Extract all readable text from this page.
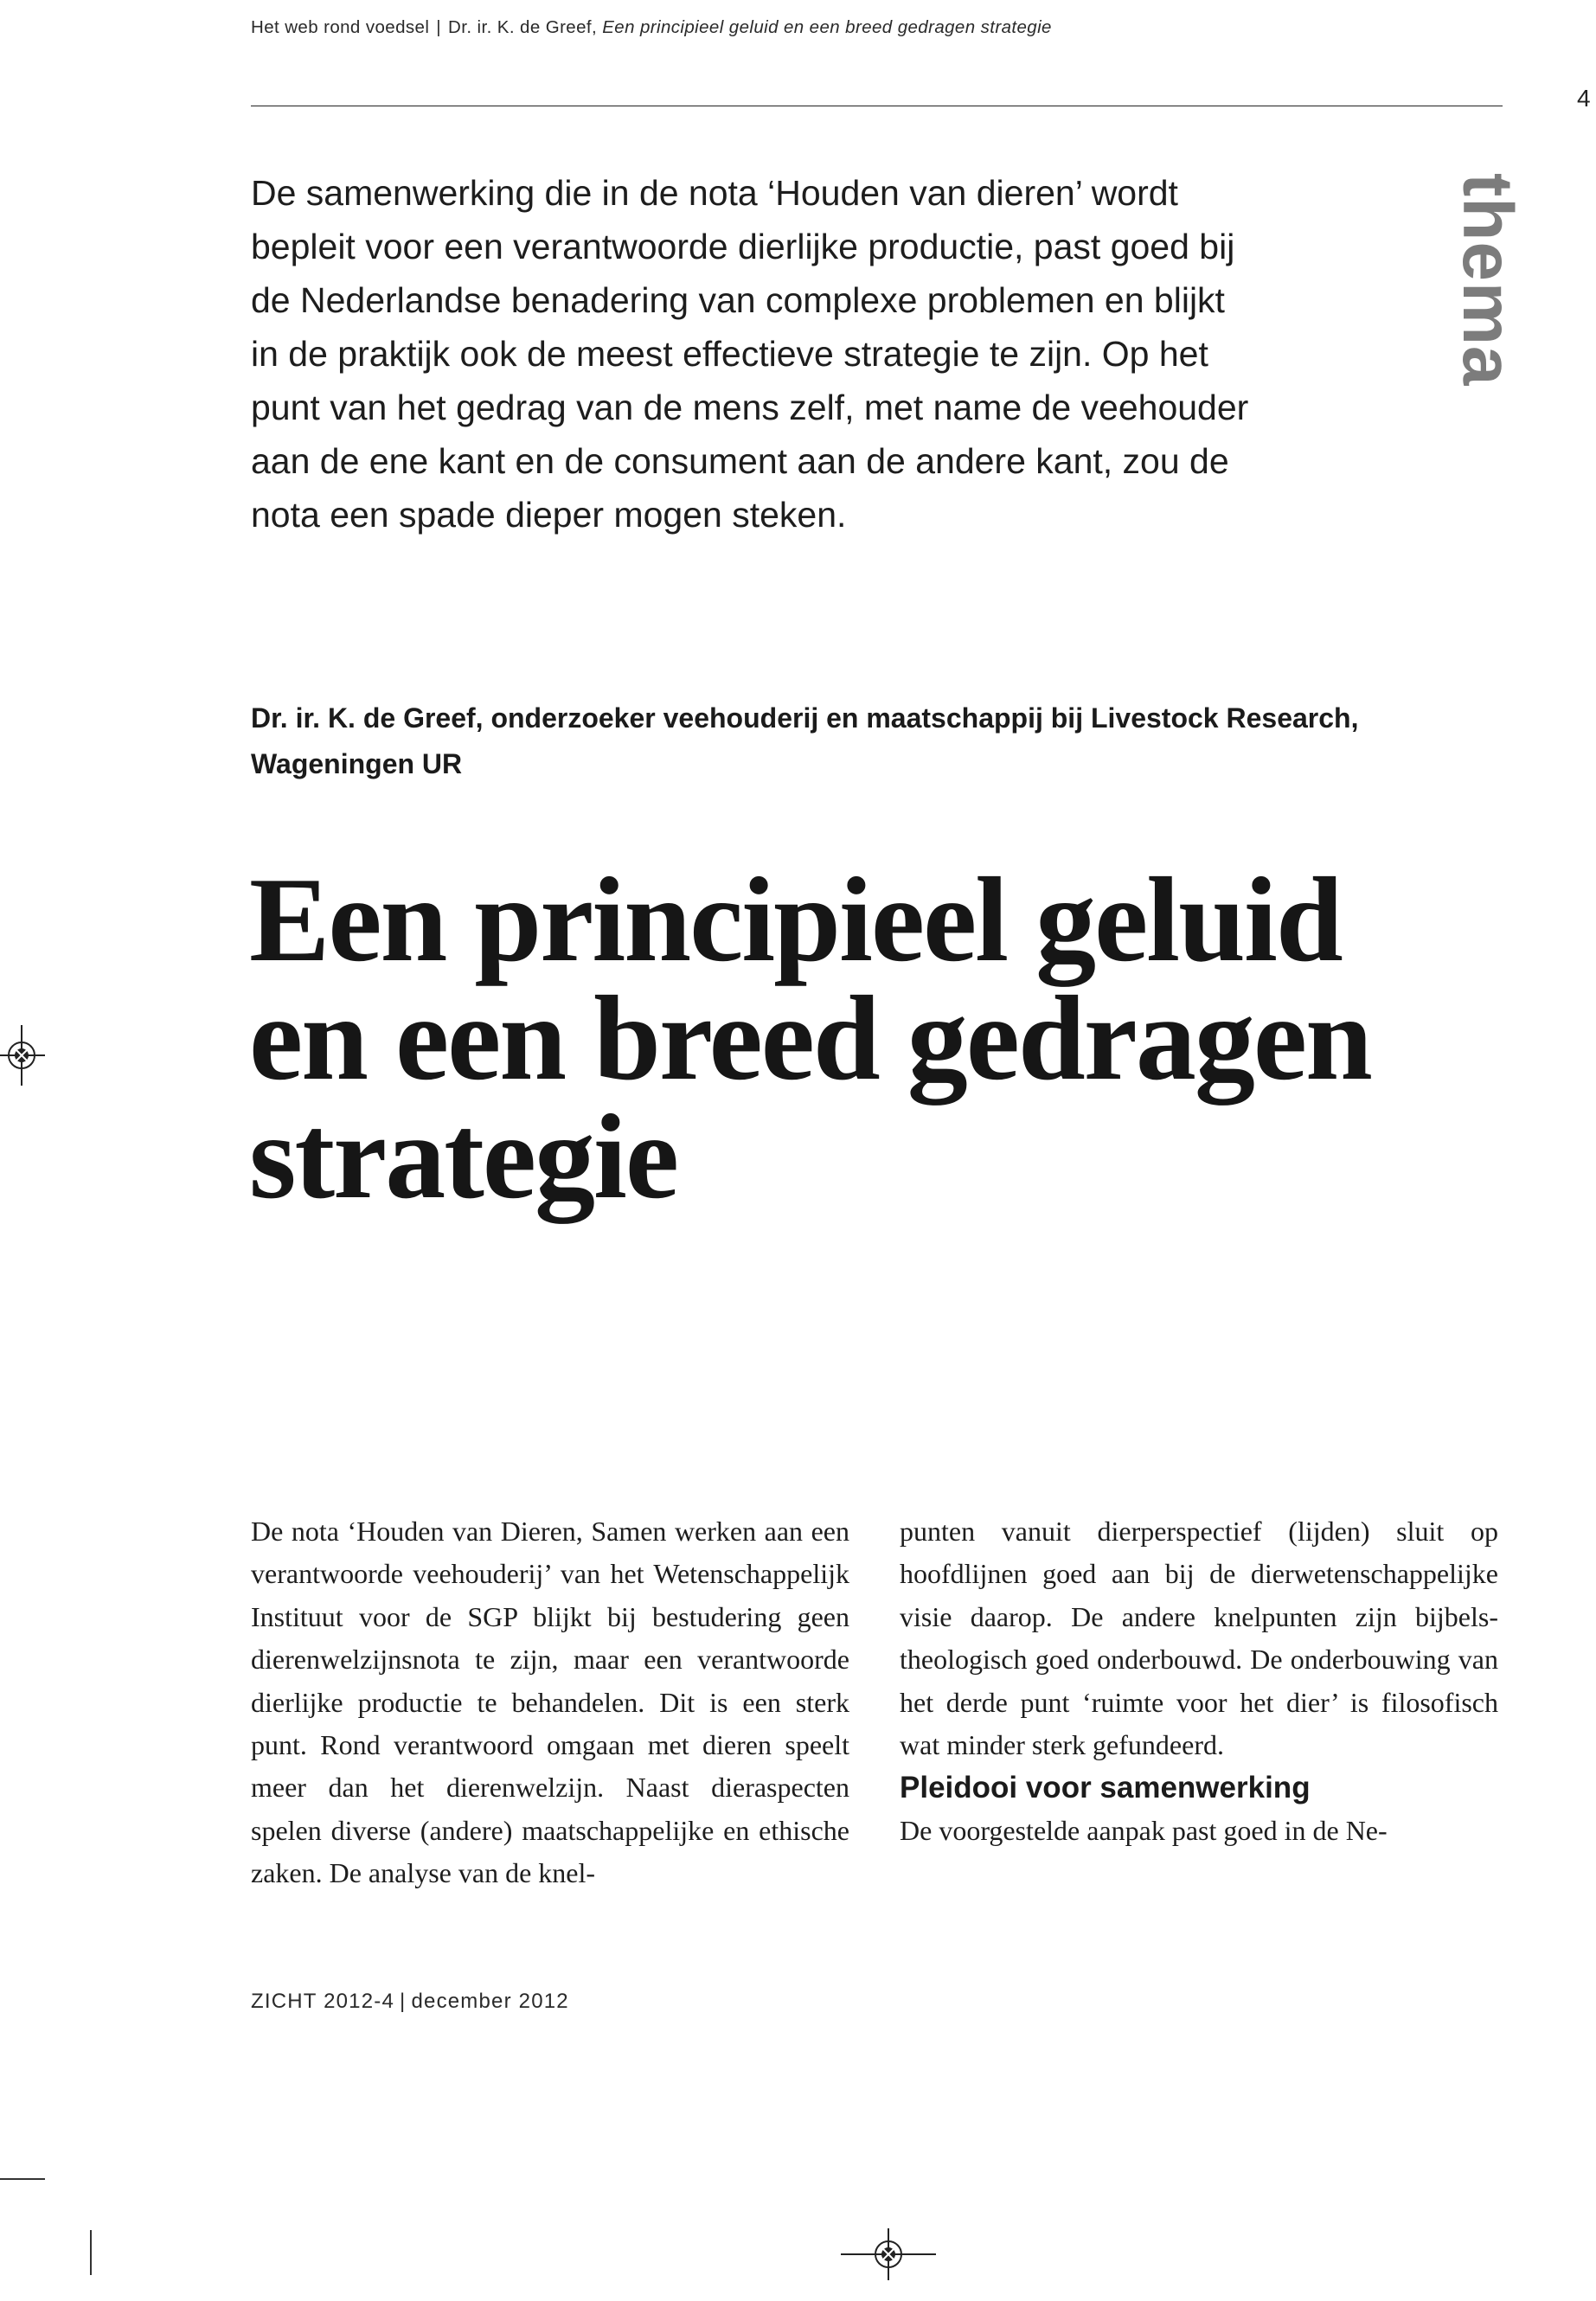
Het web rond voedsel | Dr. ir. K. de Greef, Een principieel geluid en een breed gedragen strategie
4

De samenwerking die in de nota ‘Houden van dieren’ wordt bepleit voor een verantwoorde dierlijke productie, past goed bij de Nederlandse benadering van complexe problemen en blijkt in de praktijk ook de meest effectieve strategie te zijn. Op het punt van het gedrag van de mens zelf, met name de veehouder aan de ene kant en de consument aan de andere kant, zou de nota een spade dieper mogen steken.

thema

Dr. ir. K. de Greef, onderzoeker veehouderij en maatschappij bij Livestock Research, Wageningen UR

Een principieel geluid en een breed gedragen strategie

De nota ‘Houden van Dieren, Samen werken aan een verantwoorde veehouderij’ van het Wetenschappelijk Instituut voor de SGP blijkt bij bestudering geen dierenwelzijnsnota te zijn, maar een verantwoorde dierlijke productie te behandelen. Dit is een sterk punt. Rond verantwoord omgaan met dieren speelt meer dan het dierenwelzijn. Naast dieraspecten spelen diverse (andere) maatschappelijke en ethische zaken. De analyse van de knel-

punten vanuit dierperspectief (lijden) sluit op hoofdlijnen goed aan bij de dierwetenschappelijke visie daarop. De andere knelpunten zijn bijbels-theologisch goed onderbouwd. De onderbouwing van het derde punt ‘ruimte voor het dier’ is filosofisch wat minder sterk gefundeerd.

Pleidooi voor samenwerking

De voorgestelde aanpak past goed in de Ne-

ZICHT 2012-4 | december 2012
